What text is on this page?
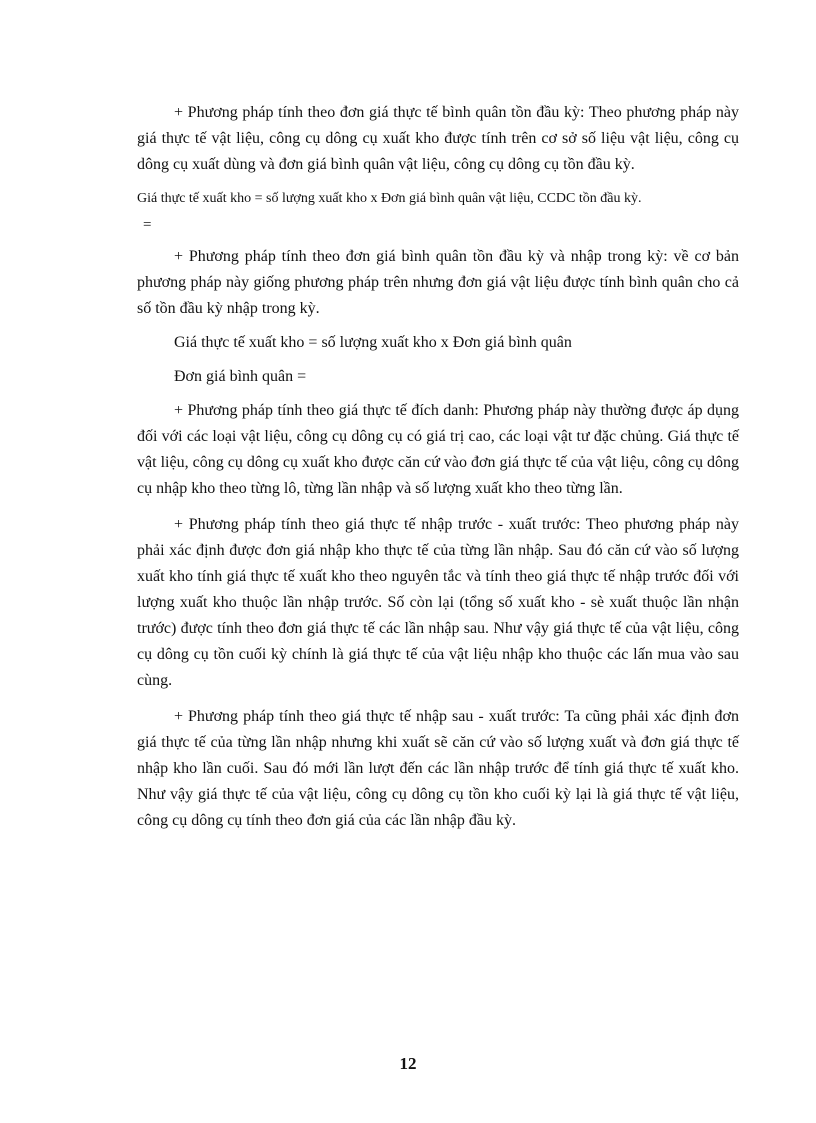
+ Phương pháp tính theo đơn giá thực tế bình quân tồn đầu kỳ: Theo phương pháp này giá thực tế vật liệu, công cụ dông cụ xuất kho được tính trên cơ sở số liệu vật liệu, công cụ dông cụ xuất dùng và đơn giá bình quân vật liệu, công cụ dông cụ tồn đầu kỳ.

Giá thực tế xuất kho = số lượng xuất kho x Đơn giá bình quân vật liệu, CCDC tồn đầu kỳ.

=

+ Phương pháp tính theo đơn giá bình quân tồn đầu kỳ và nhập trong kỳ: về cơ bản phương pháp này giống phương pháp trên nhưng đơn giá vật liệu được tính bình quân cho cả số tồn đầu kỳ nhập trong kỳ.

Giá thực tế xuất kho = số lượng xuất kho x Đơn giá bình quân

Đơn giá bình quân =

+ Phương pháp tính theo giá thực tế đích danh: Phương pháp này thường được áp dụng đối với các loại vật liệu, công cụ dông cụ có giá trị cao, các loại vật tư đặc chủng. Giá thực tế vật liệu, công cụ dông cụ xuất kho được căn cứ vào đơn giá thực tế của vật liệu, công cụ dông cụ nhập kho theo từng lô, từng lần nhập và số lượng xuất kho theo từng lần.

+ Phương pháp tính theo giá thực tế nhập trước - xuất trước: Theo phương pháp này phải xác định được đơn giá nhập kho thực tế của từng lần nhập. Sau đó căn cứ vào số lượng xuất kho tính giá thực tế xuất kho theo nguyên tắc và tính theo giá thực tế nhập trước đối với lượng xuất kho thuộc lần nhập trước. Số còn lại (tổng số xuất kho - sè xuất thuộc lần nhận trước) được tính theo đơn giá thực tế các lần nhập sau. Như vậy giá thực tế của vật liệu, công cụ dông cụ tồn cuối kỳ chính là giá thực tế của vật liệu nhập kho thuộc các lấn mua vào sau cùng.

+ Phương pháp tính theo giá thực tế nhập sau - xuất trước: Ta cũng phải xác định đơn giá thực tế của từng lần nhập nhưng khi xuất sẽ căn cứ vào số lượng xuất và đơn giá thực tế nhập kho lần cuối. Sau đó mới lần lượt đến các lần nhập trước để tính giá thực tế xuất kho. Như vậy giá thực tế của vật liệu, công cụ dông cụ tồn kho cuối kỳ lại là giá thực tế vật liệu, công cụ dông cụ tính theo đơn giá của các lần nhập đầu kỳ.

12
